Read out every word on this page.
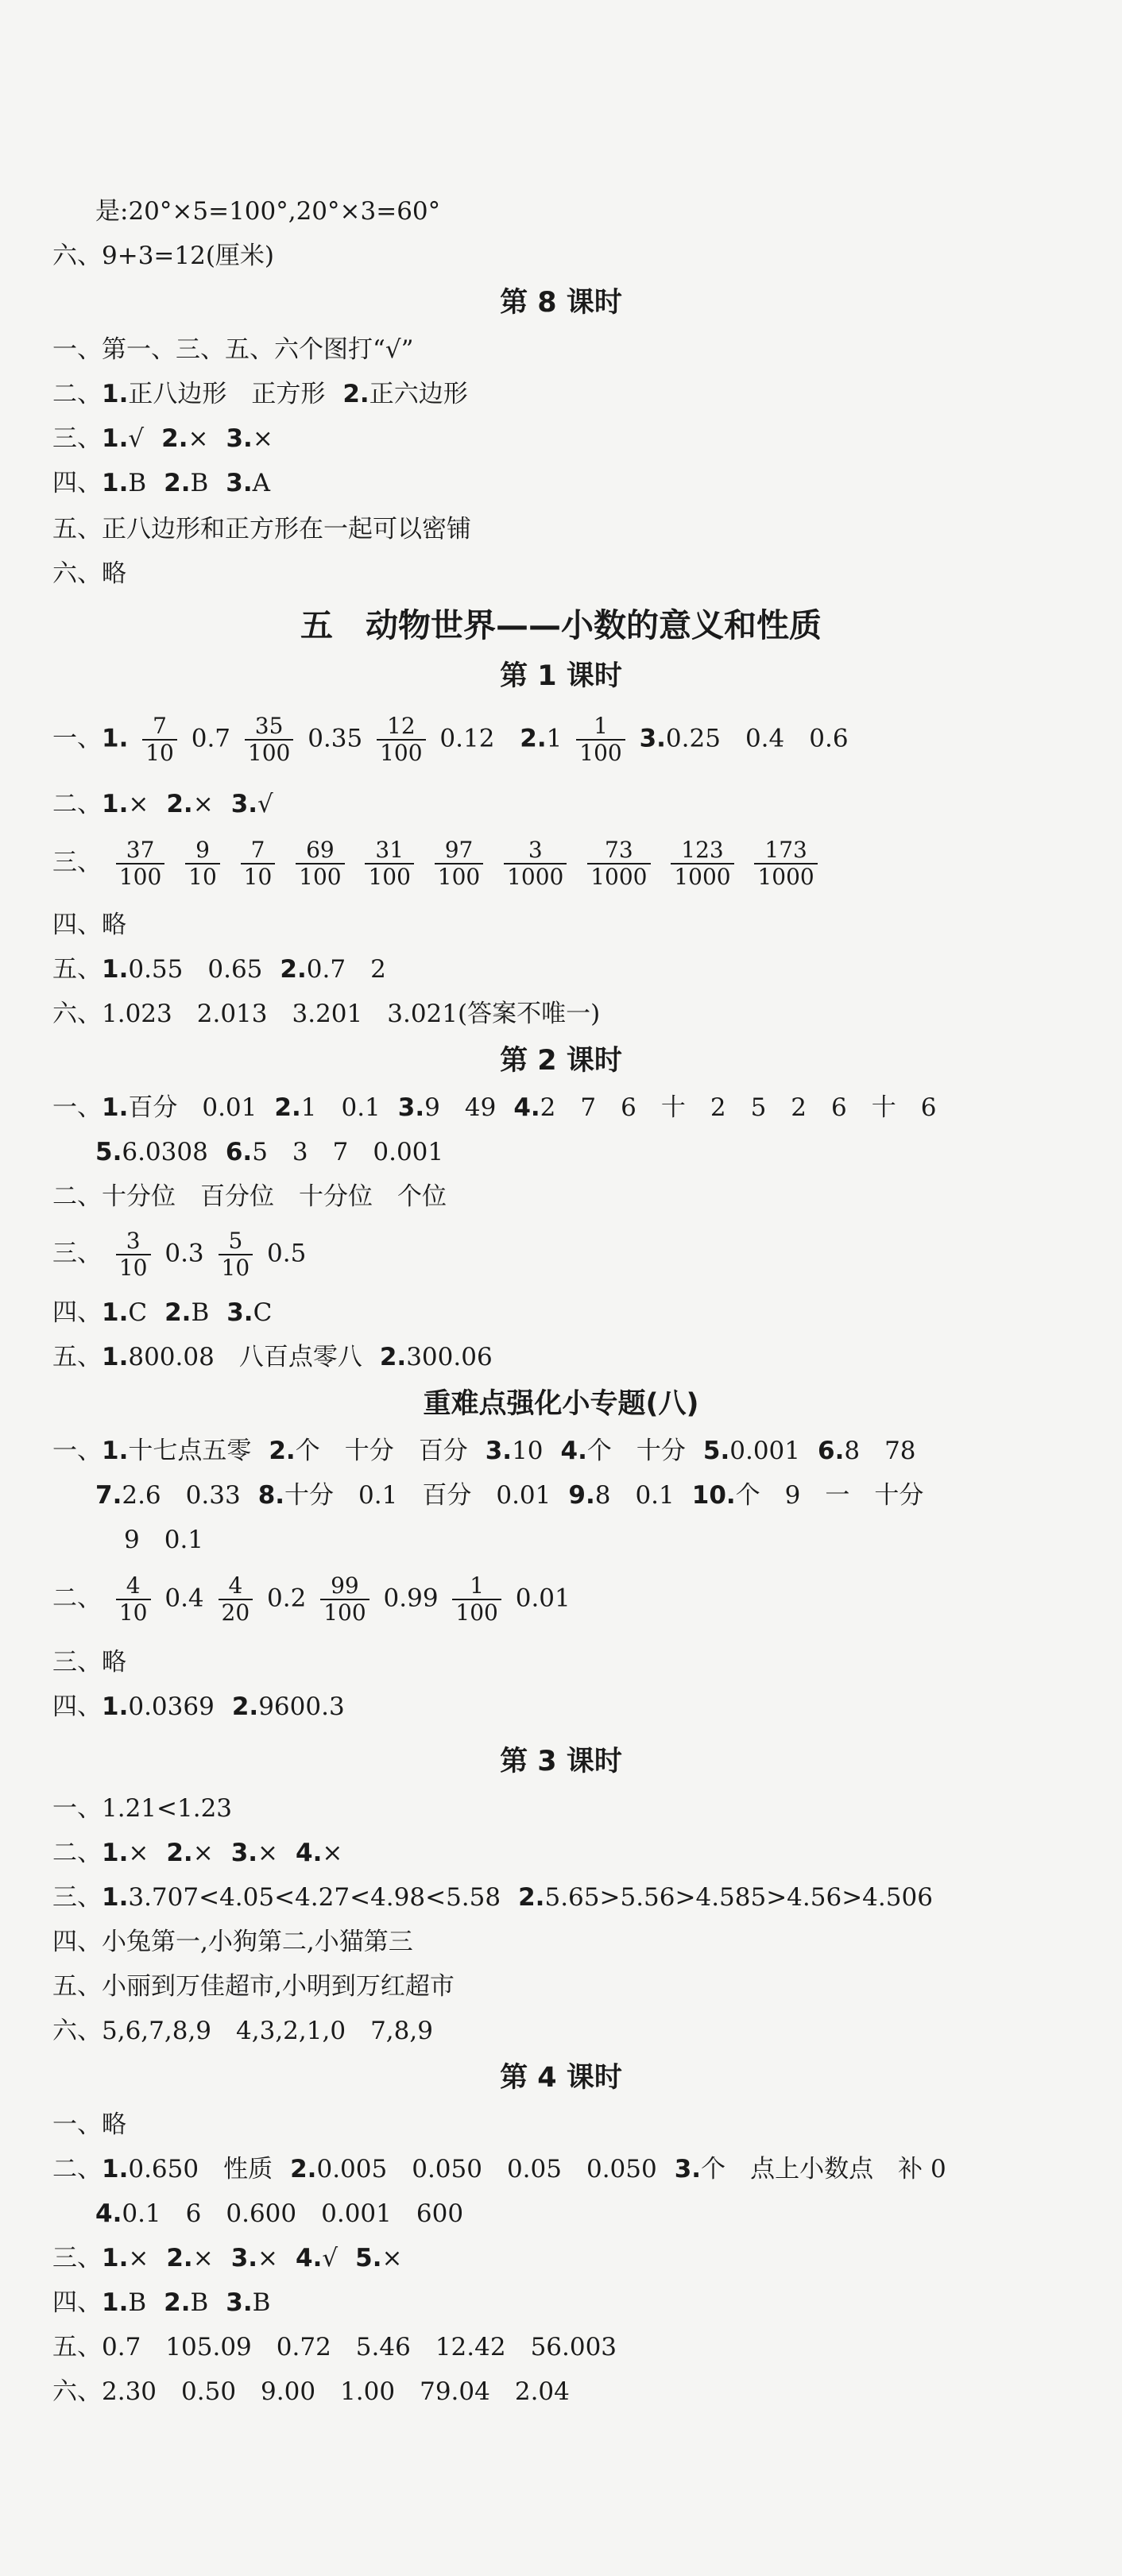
是:20°×5=100°,20°×3=60°
六、9+3=12(厘米)
第 8 课时
一、第一、三、五、六个图打“√”
二、1.正八边形　正方形 2.正六边形
三、1.√ 2.× 3.×
四、1.B 2.B 3.A
五、正八边形和正方形在一起可以密铺
六、略
五　动物世界——小数的意义和性质
第 1 课时
一、1. $\frac{7}{10} 0.7 \frac{35}{100} 0.35 \frac{12}{100} 0.12$ $2.1 \frac{1}{100} 3.0.25$　0.4　0.6
二、1.× 2.× 3.√
三、 $\frac{37}{100}$
$\frac{9}{10}$
$\frac{7}{10}$
$\frac{69}{100}$
$\frac{31}{100}$
$\frac{97}{100}$
$\frac{3}{1000}$
$\frac{73}{1000}$
$\frac{123}{1000}$
$\frac{173}{1000}$
四、略
五、1.0.55　0.65 2.0.7　2
六、1.023　2.013　3.201　3.021(答案不唯一)
第 2 课时
一、1.百分　0.01 2.1　0.1 3.9　49 4.2　7　6　十　2　5　2　6　十　6
5.6.0308 6.5　3　7　0.001
二、十分位　百分位　十分位　个位
三、 $\frac{3}{10} 0.3 \frac{5}{10} 0.5$
四、1.C 2.B 3.C
五、1.800.08　八百点零八 2.300.06
重难点强化小专题(八)
一、1.十七点五零 2.个　十分　百分 3.10 4.个　十分 5.0.001 6.8　78
7.2.6　0.33 8.十分　0.1　百分　0.01 9.8　0.1 10.个　9　一　十分
9　0.1
二、 $\frac{4}{10} 0.4 \frac{4}{20} 0.2 \frac{99}{100} 0.99 \frac{1}{100} 0.01$
三、略
四、1.0.0369 2.9600.3
第 3 课时
一、1.21<1.23
二、1.× 2.× 3.× 4.×
三、1.3.707<4.05<4.27<4.98<5.58 2.5.65>5.56>4.585>4.56>4.506
四、小兔第一,小狗第二,小猫第三
五、小丽到万佳超市,小明到万红超市
六、5,6,7,8,9　4,3,2,1,0　7,8,9
第 4 课时
一、略
二、1.0.650　性质 2.0.005　0.050　0.05　0.050 3.个　点上小数点　补 0
4.0.1　6　0.600　0.001　600
三、1.× 2.× 3.× 4.√ 5.×
四、1.B 2.B 3.B
五、0.7　105.09　0.72　5.46　12.42　56.003
六、2.30　0.50　9.00　1.00　79.04　2.04
